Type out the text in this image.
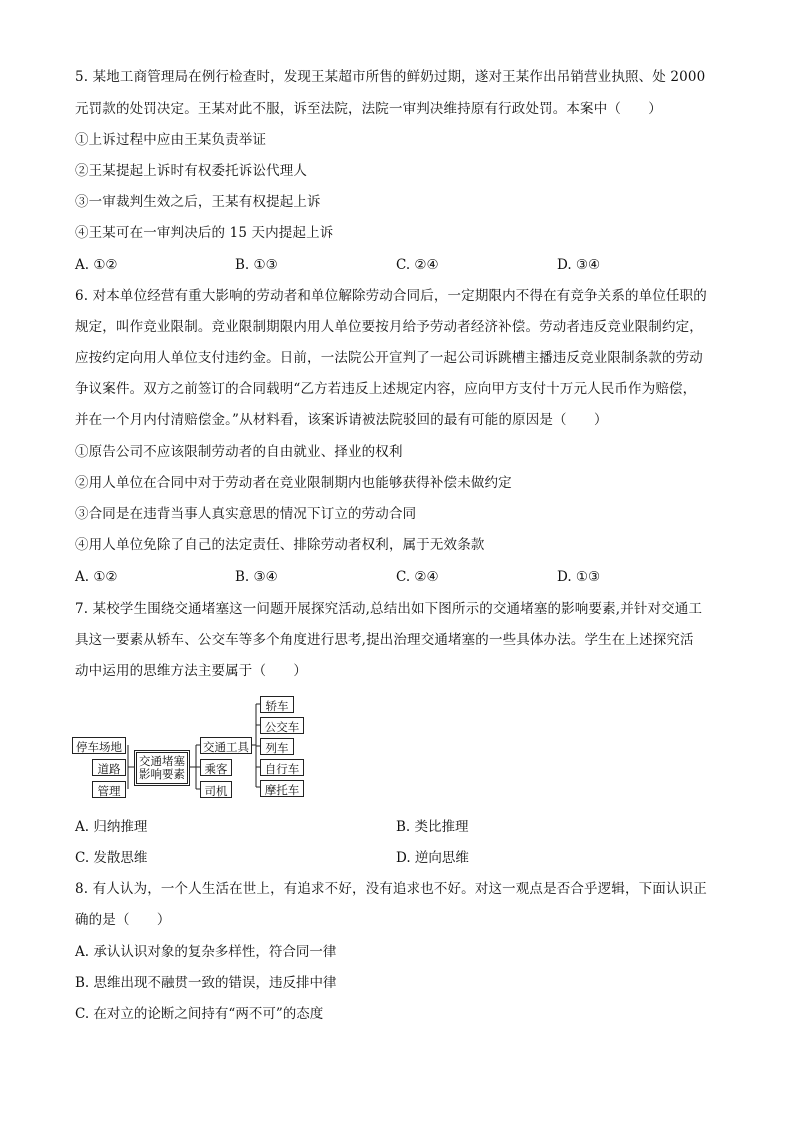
5. 某地工商管理局在例行检查时，发现王某超市所售的鲜奶过期，遂对王某作出吊销营业执照、处 2000
元罚款的处罚决定。王某对此不服，诉至法院，法院一审判决维持原有行政处罚。本案中（　　）
①上诉过程中应由王某负责举证
②王某提起上诉时有权委托诉讼代理人
③一审裁判生效之后，王某有权提起上诉
④王某可在一审判决后的 15 天内提起上诉
A. ①②	B. ①③	C. ②④	D. ③④
6. 对本单位经营有重大影响的劳动者和单位解除劳动合同后，一定期限内不得在有竞争关系的单位任职的
规定，叫作竞业限制。竞业限制期限内用人单位要按月给予劳动者经济补偿。劳动者违反竞业限制约定，
应按约定向用人单位支付违约金。日前，一法院公开宣判了一起公司诉跳槽主播违反竞业限制条款的劳动
争议案件。双方之前签订的合同载明“乙方若违反上述规定内容，应向甲方支付十万元人民币作为赔偿，
并在一个月内付清赔偿金。”从材料看，该案诉请被法院驳回的最有可能的原因是（　　）
①原告公司不应该限制劳动者的自由就业、择业的权利
②用人单位在合同中对于劳动者在竞业限制期内也能够获得补偿未做约定
③合同是在违背当事人真实意思的情况下订立的劳动合同
④用人单位免除了自己的法定责任、排除劳动者权利，属于无效条款
A. ①②	B. ③④	C. ②④	D. ①③
7. 某校学生围绕交通堵塞这一问题开展探究活动,总结出如下图所示的交通堵塞的影响要素,并针对交通工
具这一要素从轿车、公交车等多个角度进行思考,提出治理交通堵塞的一些具体办法。学生在上述探究活
动中运用的思维方法主要属于（　　）
停车场地
道路
管理
交通堵塞
影响要素
交通工具
乘客
司机
轿车
公交车
列车
自行车
摩托车
A. 归纳推理	B. 类比推理
C. 发散思维	D. 逆向思维
8. 有人认为，一个人生活在世上，有追求不好，没有追求也不好。对这一观点是否合乎逻辑，下面认识正
确的是（　　）
A. 承认认识对象的复杂多样性，符合同一律
B. 思维出现不融贯一致的错误，违反排中律
C. 在对立的论断之间持有“两不可”的态度
